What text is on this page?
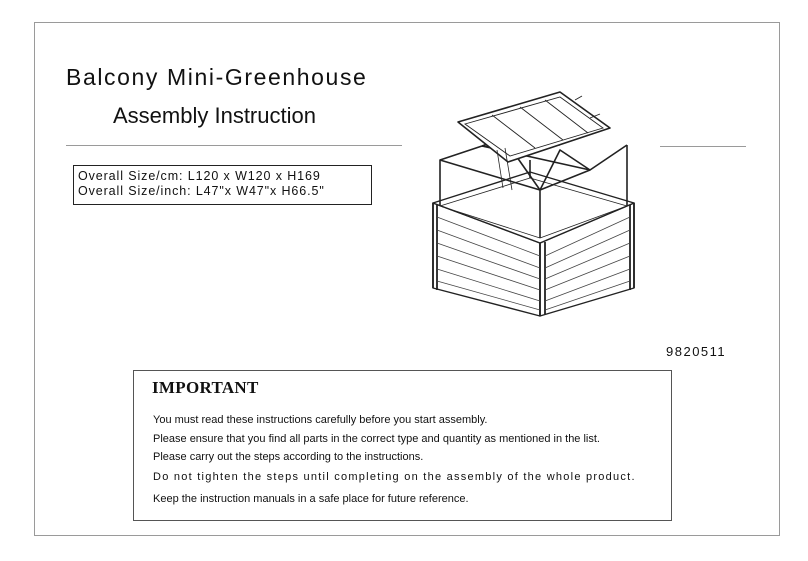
Balcony Mini-Greenhouse
Assembly Instruction
Overall Size/cm: L120 x W120 x H169
Overall Size/inch: L47"x W47"x H66.5"
9820511
IMPORTANT
You must read these instructions carefully before you start assembly.
Please ensure that you find all parts in the correct type and quantity as mentioned in the list.
Please carry out the steps according to the instructions.
Do not tighten the steps until completing on the assembly of the whole product.
Keep the instruction manuals in a safe place for future reference.
